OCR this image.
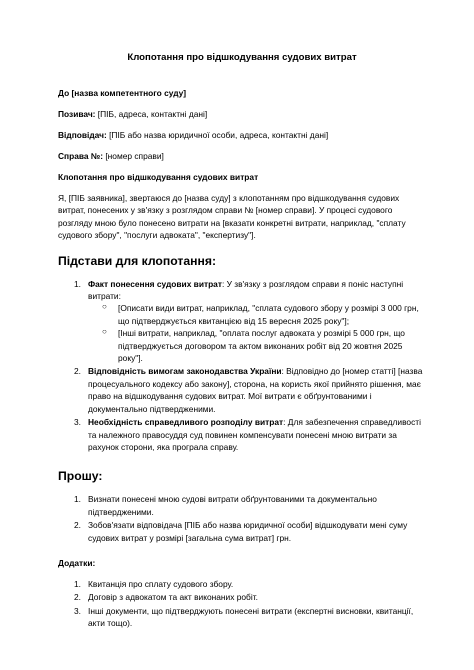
Клопотання про відшкодування судових витрат
До [назва компетентного суду]
Позивач: [ПІБ, адреса, контактні дані]
Відповідач: [ПІБ або назва юридичної особи, адреса, контактні дані]
Справа №: [номер справи]
Клопотання про відшкодування судових витрат
Я, [ПІБ заявника], звертаюся до [назва суду] з клопотанням про відшкодування судових витрат, понесених у зв'язку з розглядом справи № [номер справи]. У процесі судового розгляду мною було понесено витрати на [вказати конкретні витрати, наприклад, "сплату судового збору", "послуги адвоката", "експертизу"].
Підстави для клопотання:
1. Факт понесення судових витрат: У зв'язку з розглядом справи я поніс наступні витрати:
○ [Описати види витрат, наприклад, "сплата судового збору у розмірі 3 000 грн, що підтверджується квитанцією від 15 вересня 2025 року"];
○ [Інші витрати, наприклад, "оплата послуг адвоката у розмірі 5 000 грн, що підтверджується договором та актом виконаних робіт від 20 жовтня 2025 року"].
2. Відповідність вимогам законодавства України: Відповідно до [номер статті] [назва процесуального кодексу або закону], сторона, на користь якої прийнято рішення, має право на відшкодування судових витрат. Мої витрати є обґрунтованими і документально підтвердженими.
3. Необхідність справедливого розподілу витрат: Для забезпечення справедливості та належного правосуддя суд повинен компенсувати понесені мною витрати за рахунок сторони, яка програла справу.
Прошу:
1. Визнати понесені мною судові витрати обґрунтованими та документально підтвердженими.
2. Зобов'язати відповідача [ПІБ або назва юридичної особи] відшкодувати мені суму судових витрат у розмірі [загальна сума витрат] грн.
Додатки:
1. Квитанція про сплату судового збору.
2. Договір з адвокатом та акт виконаних робіт.
3. Інші документи, що підтверджують понесені витрати (експертні висновки, квитанції, акти тощо).
